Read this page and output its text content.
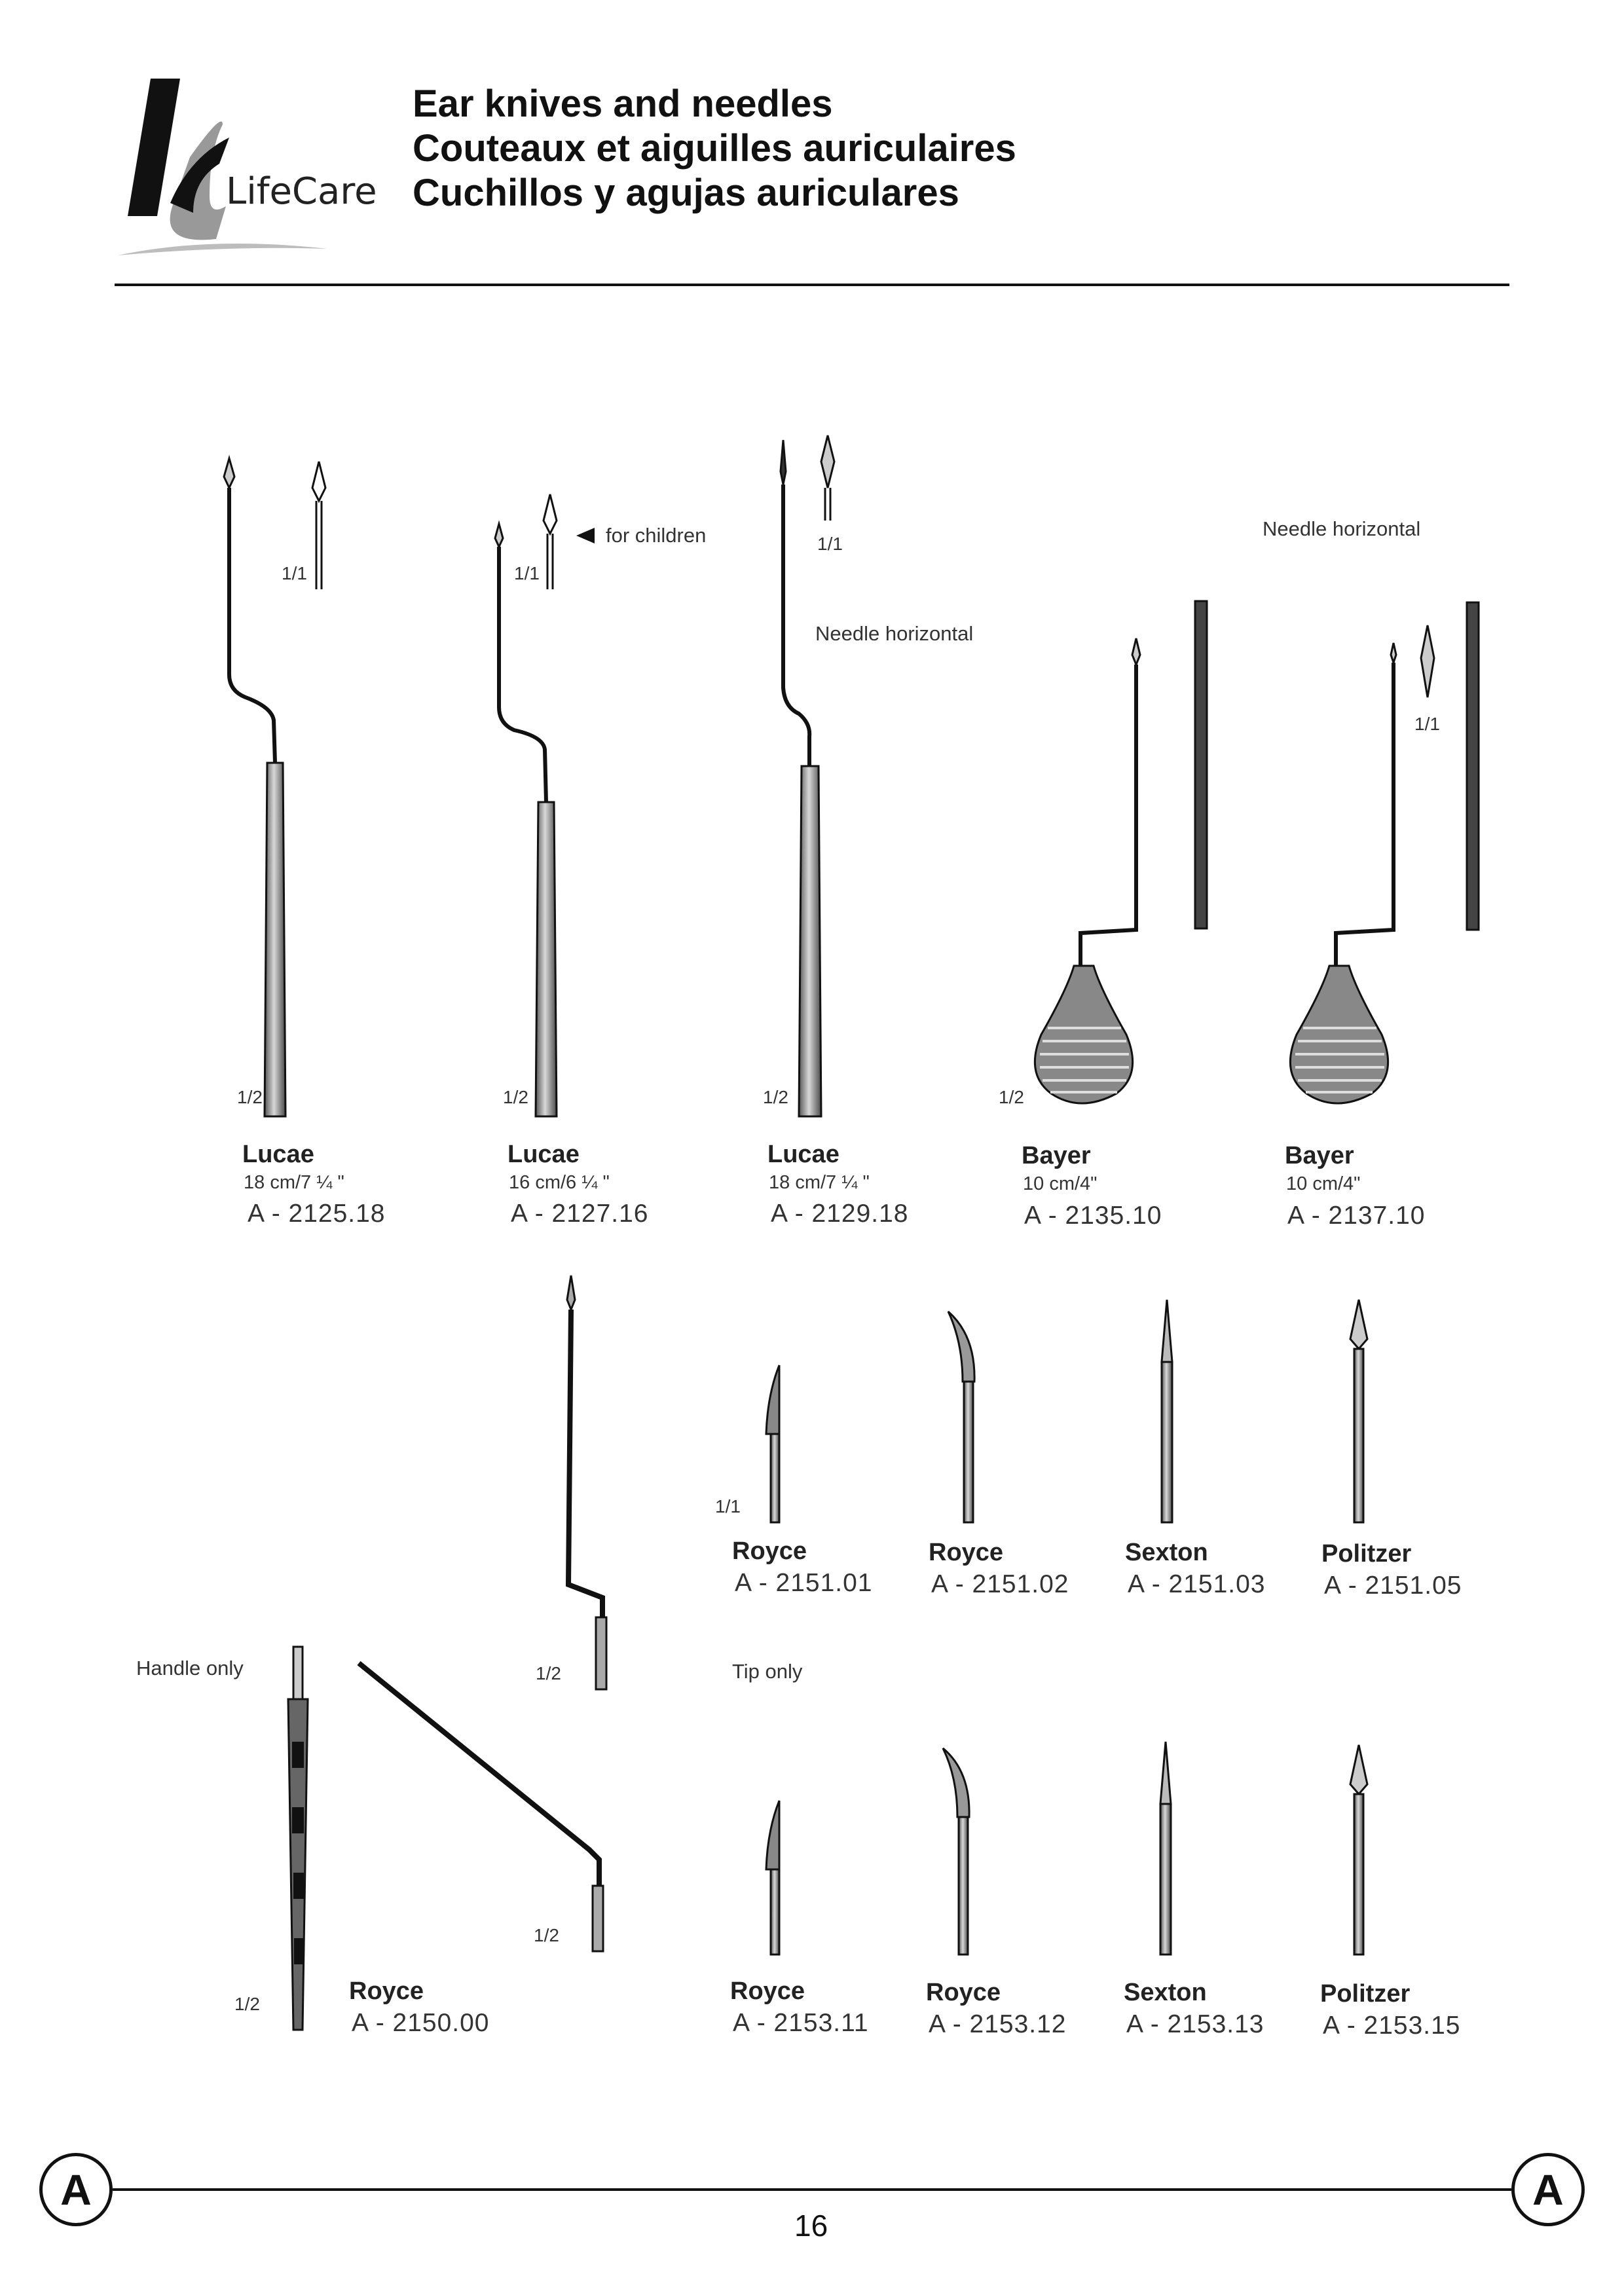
LifeCare
Ear knives and needles
Couteaux et aiguilles auriculaires
Cuchillos y agujas auriculares
for children
Needle horizontal
Needle horizontal
Handle only	Tip only
1/1	1/1
1/1
1/1
1/1
1/2	1/2	1/2	1/2
1/2
1/2
1/2
Lucae
18 cm/7 ¼ "
A - 2125.18
Lucae
16 cm/6 ¼ "
A - 2127.16
Lucae
18 cm/7 ¼ "
A - 2129.18
Bayer
10 cm/4"
A - 2135.10
Bayer
10 cm/4"
A - 2137.10
Royce
A - 2151.01
Royce
A - 2151.02
Sexton
A - 2151.03
Politzer
A - 2151.05
Royce
A - 2150.00
Royce
A - 2153.11
Royce
A - 2153.12
Sexton
A - 2153.13
Politzer
A - 2153.15
A	A
16
